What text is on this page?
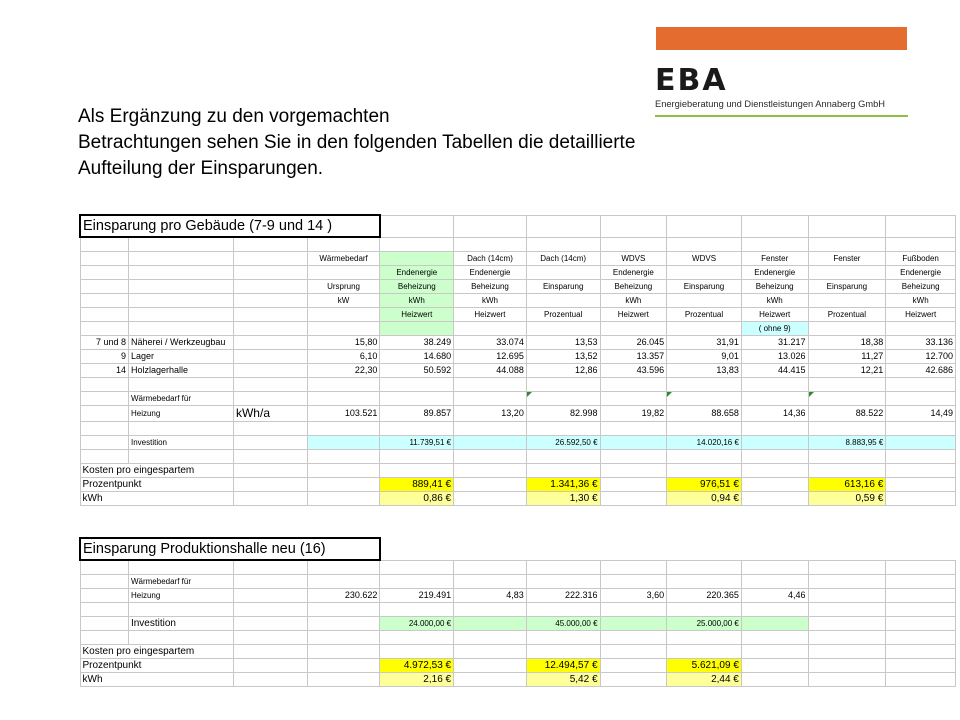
EBA
Energieberatung und Dienstleistungen Annaberg GmbH
Als Ergänzung zu den vorgemachten
Betrachtungen sehen Sie in den folgenden Tabellen die detaillierte
Aufteilung der Einsparungen.
Einsparung pro Gebäude (7-9 und 14 )											

			Wärmebedarf		Dach (14cm)	Dach (14cm)	WDVS	WDVS	Fenster	Fenster	Fußboden
				Endenergie	Endenergie		Endenergie		Endenergie		Endenergie
			Ursprung	Beheizung	Beheizung	Einsparung	Beheizung	Einsparung	Beheizung	Einsparung	Beheizung
			kW	kWh	kWh		kWh		kWh		kWh
				Heizwert	Heizwert	Prozentual	Heizwert	Prozentual	Heizwert	Prozentual	Heizwert
									( ohne 9)		
7 und 8	Näherei / Werkzeugbau		15,80	38.249	33.074	13,53	26.045	31,91	31.217	18,38	33.136
9	Lager		6,10	14.680	12.695	13,52	13.357	9,01	13.026	11,27	12.700
14	Holzlagerhalle		22,30	50.592	44.088	12,86	43.596	13,83	44.415	12,21	42.686

	Wärmebedarf für										
	Heizung	kWh/a	103.521	89.857	13,20	82.998	19,82	88.658	14,36	88.522	14,49

	Investition			11.739,51 €		26.592,50 €		14.020,16 €		8.883,95 €	

Kosten pro eingespartem											
Prozentpunkt				889,41 €		1.341,36 €		976,51 €		613,16 €	
kWh				0,86 €		1,30 €		0,94 €		0,59 €	
Einsparung Produktionshalle neu (16)											

	Wärmebedarf für										
	Heizung		230.622	219.491	4,83	222.316	3,60	220.365	4,46		

	Investition			24.000,00 €		45.000,00 €		25.000,00 €			

Kosten pro eingespartem											
Prozentpunkt				4.972,53 €		12.494,57 €		5.621,09 €			
kWh				2,16 €		5,42 €		2,44 €			
